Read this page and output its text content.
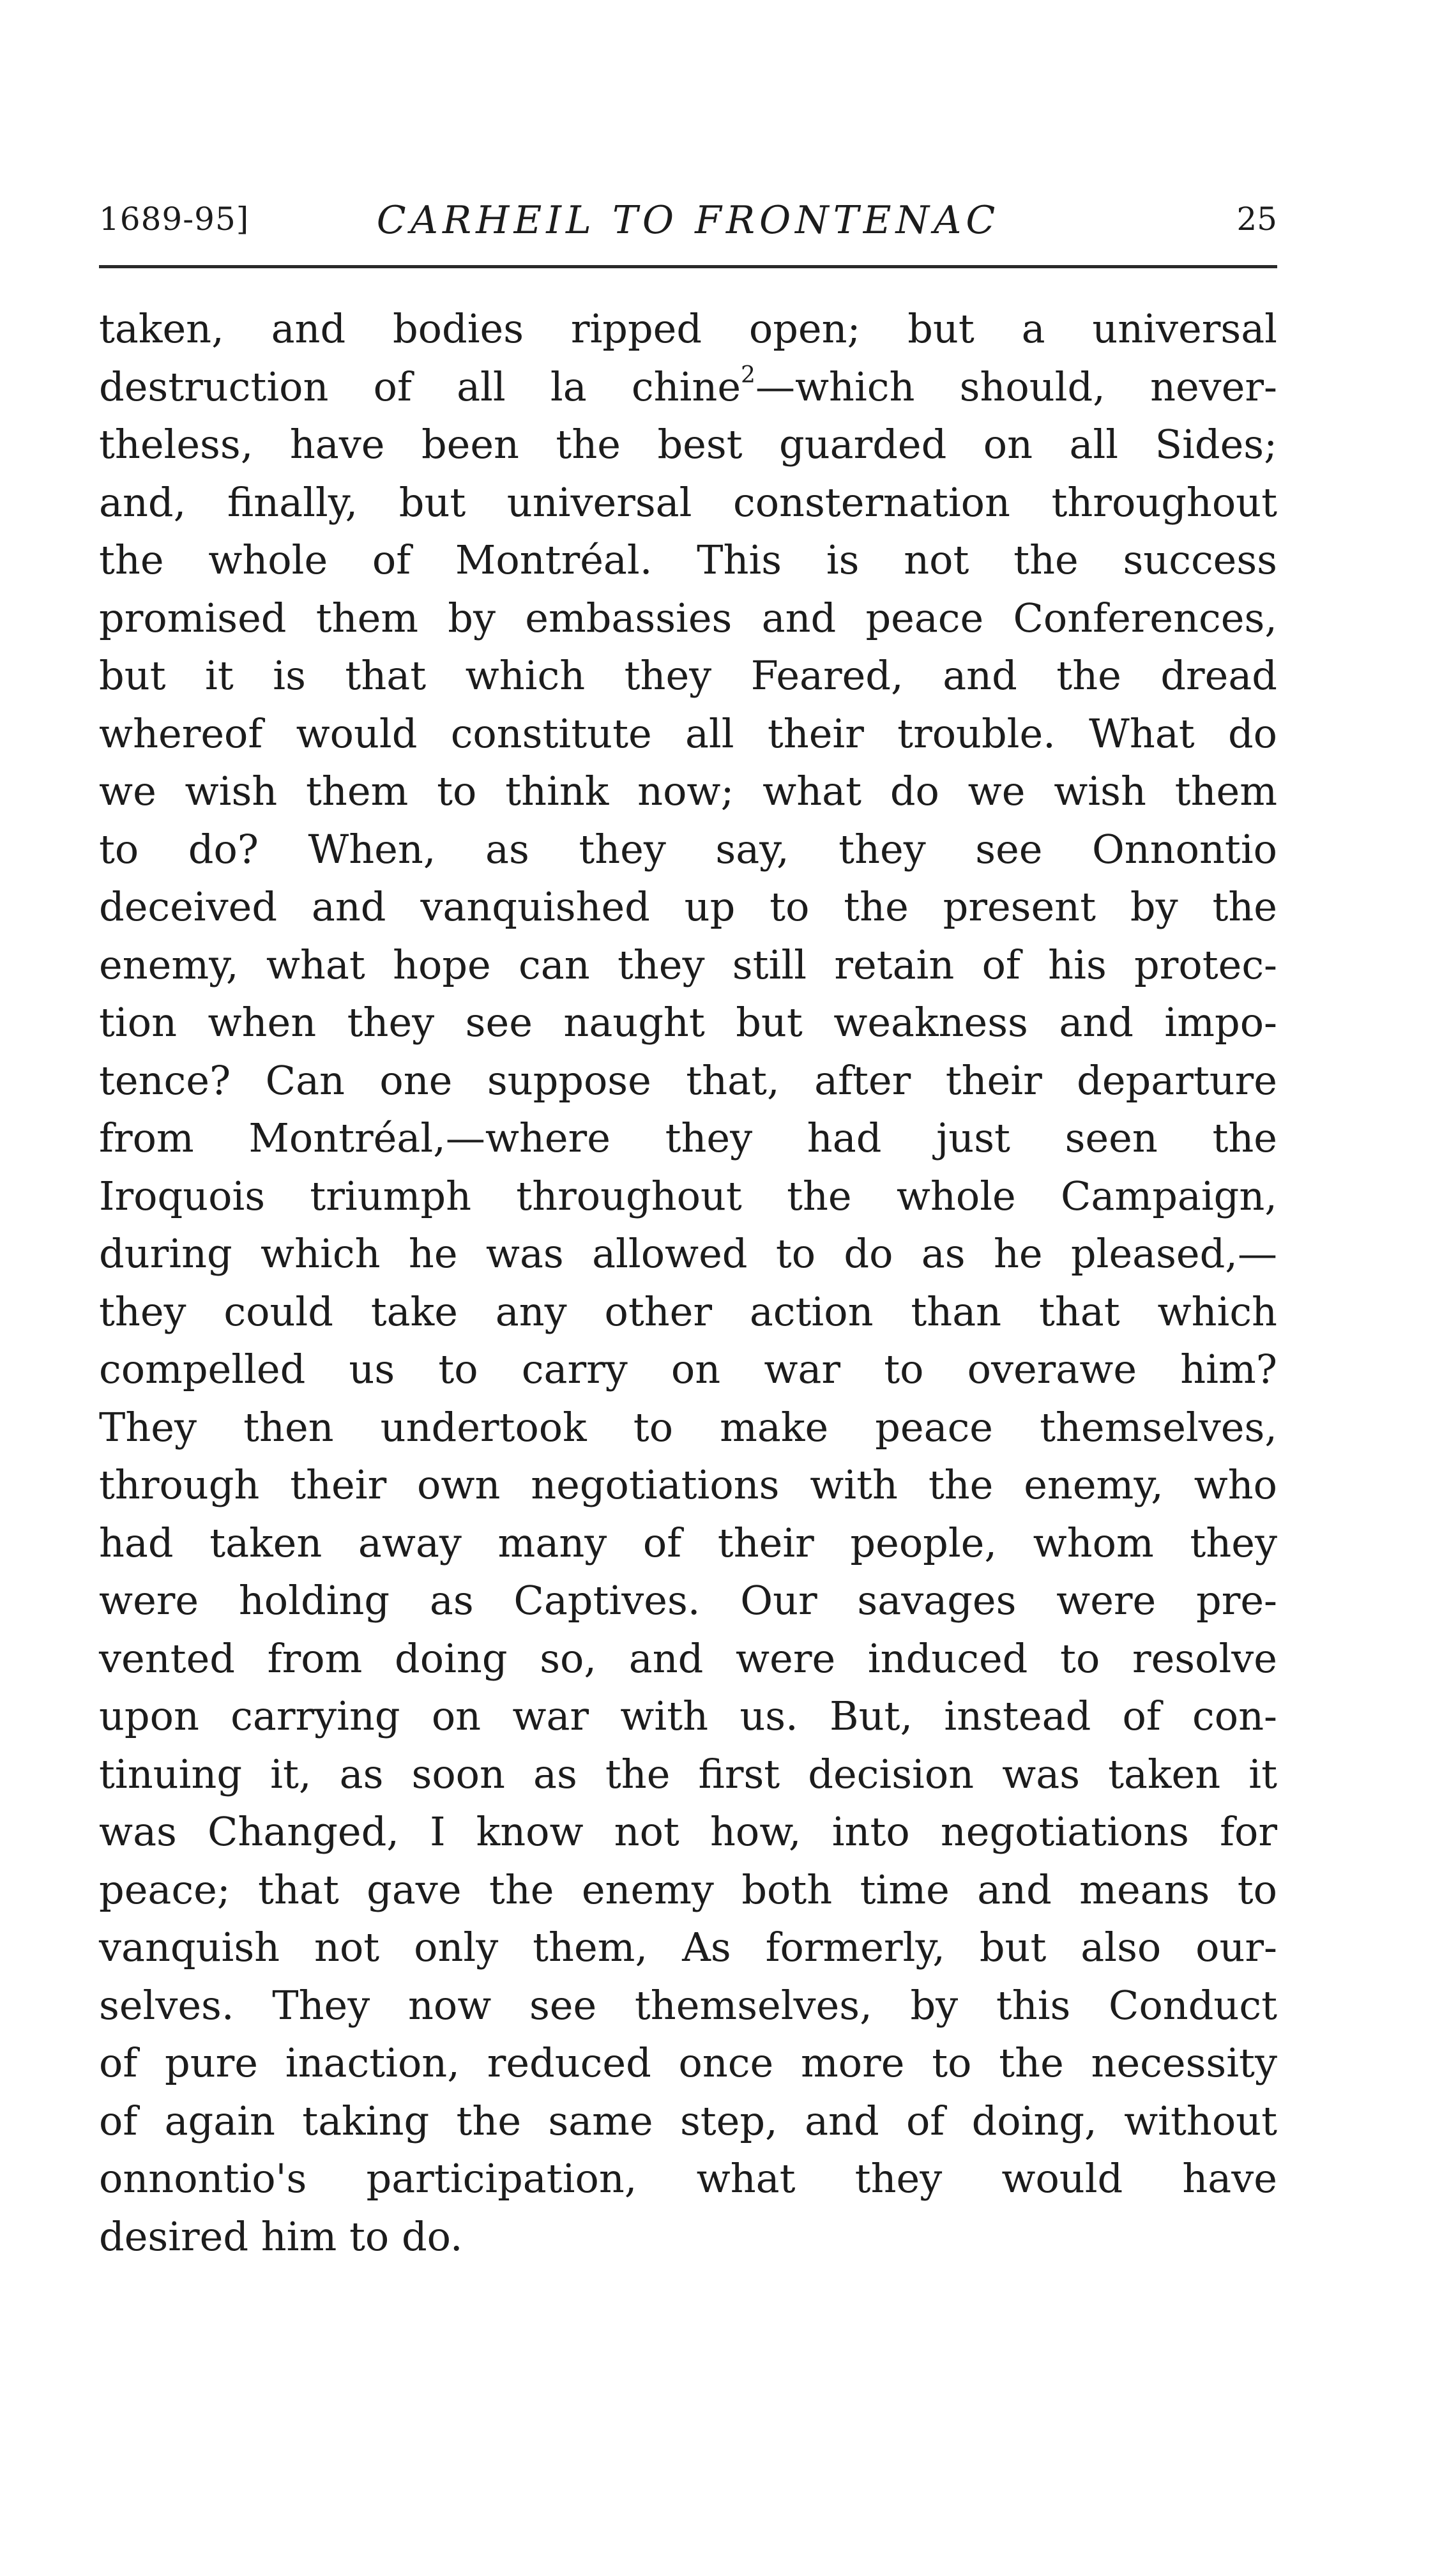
1689-95]	CARHEIL TO FRONTENAC	25
taken, and bodies ripped open; but a universal
destruction of all la chine$^2$—which should, never-
theless, have been the best guarded on all Sides;
and, finally, but universal consternation throughout
the whole of Montréal. This is not the success
promised them by embassies and peace Conferences,
but it is that which they Feared, and the dread
whereof would constitute all their trouble. What do
we wish them to think now; what do we wish them
to do? When, as they say, they see Onnontio
deceived and vanquished up to the present by the
enemy, what hope can they still retain of his protec-
tion when they see naught but weakness and impo-
tence? Can one suppose that, after their departure
from Montréal,—where they had just seen the
Iroquois triumph throughout the whole Campaign,
during which he was allowed to do as he pleased,—
they could take any other action than that which
compelled us to carry on war to overawe him?
They then undertook to make peace themselves,
through their own negotiations with the enemy, who
had taken away many of their people, whom they
were holding as Captives. Our savages were pre-
vented from doing so, and were induced to resolve
upon carrying on war with us. But, instead of con-
tinuing it, as soon as the first decision was taken it
was Changed, I know not how, into negotiations for
peace; that gave the enemy both time and means to
vanquish not only them, As formerly, but also our-
selves. They now see themselves, by this Conduct
of pure inaction, reduced once more to the necessity
of again taking the same step, and of doing, without
onnontio's participation, what they would have
desired him to do.
